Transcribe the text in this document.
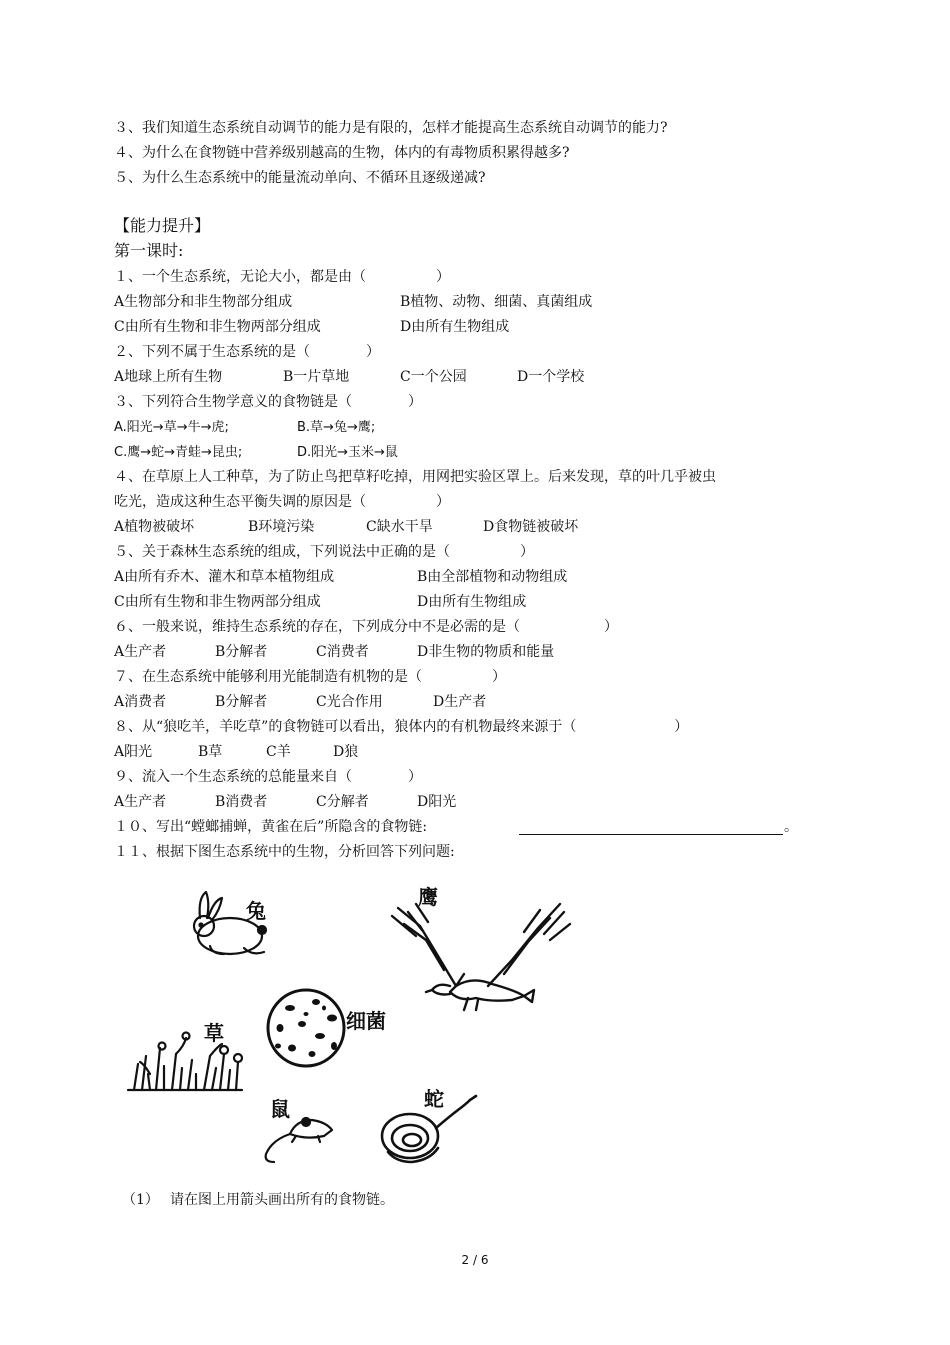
３、我们知道生态系统自动调节的能力是有限的，怎样才能提高生态系统自动调节的能力?
４、为什么在食物链中营养级别越高的生物，体内的有毒物质积累得越多?
５、为什么生态系统中的能量流动单向、不循环且逐级递减?
【能力提升】
第一课时:
１、一个生态系统，无论大小，都是由（　　　　　）
A生物部分和非生物部分组成	B植物、动物、细菌、真菌组成
C由所有生物和非生物两部分组成	D由所有生物组成
２、下列不属于生态系统的是（　　　　）
A地球上所有生物	B一片草地	C一个公园	D一个学校
３、下列符合生物学意义的食物链是（　　　　）
A.阳光→草→牛→虎;	B.草→兔→鹰;
C.鹰→蛇→青蛙→昆虫;	D.阳光→玉米→鼠
４、在草原上人工种草，为了防止鸟把草籽吃掉，用网把实验区罩上。后来发现，草的叶几乎被虫
吃光，造成这种生态平衡失调的原因是（　　　　　）
A植物被破坏	B环境污染	C缺水干旱	D食物链被破坏
５、关于森林生态系统的组成，下列说法中正确的是（　　　　　）
A由所有乔木、灌木和草本植物组成	B由全部植物和动物组成
C由所有生物和非生物两部分组成	D由所有生物组成
６、一般来说，维持生态系统的存在，下列成分中不是必需的是（　　　　　　）
A生产者	B分解者	C消费者	D非生物的物质和能量
７、在生态系统中能够利用光能制造有机物的是（　　　　　）
A消费者	B分解者	C光合作用	D生产者
８、从“狼吃羊，羊吃草”的食物链可以看出，狼体内的有机物最终来源于（　　　　　　　）
A阳光	B草	C羊	D狼
９、流入一个生态系统的总能量来自（　　　　）
A生产者	B消费者	C分解者	D阳光
１０、写出“螳螂捕蝉，黄雀在后”所隐含的食物链:	。
１１、根据下图生态系统中的生物，分析回答下列问题:
兔
鹰
细菌
草
鼠	蛇
（1） 请在图上用箭头画出所有的食物链。
2 / 6
